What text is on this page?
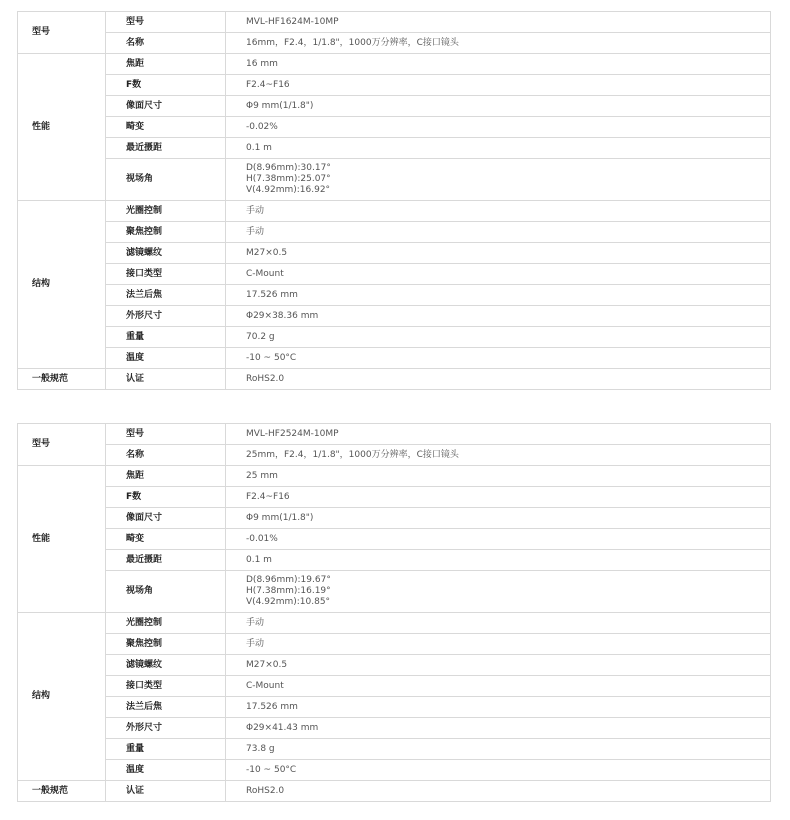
型号	型号	MVL-HF1624M-10MP
	名称	16mm，F2.4，1/1.8"，1000万分辨率，C接口镜头
性能	焦距	16 mm
	F数	F2.4~F16
	像面尺寸	Φ9 mm(1/1.8")
	畸变	-0.02%
	最近摄距	0.1 m
	视场角	D(8.96mm):30.17°
H(7.38mm):25.07°
V(4.92mm):16.92°

结构	光圈控制	手动
	聚焦控制	手动
	滤镜螺纹	M27×0.5
	接口类型	C-Mount
	法兰后焦	17.526 mm
	外形尺寸	Φ29×38.36 mm
	重量	70.2 g
	温度	-10 ~ 50°C
一般规范	认证	RoHS2.0
型号	型号	MVL-HF2524M-10MP
	名称	25mm，F2.4，1/1.8"，1000万分辨率，C接口镜头
性能	焦距	25 mm
	F数	F2.4~F16
	像面尺寸	Φ9 mm(1/1.8")
	畸变	-0.01%
	最近摄距	0.1 m
	视场角	D(8.96mm):19.67°
H(7.38mm):16.19°
V(4.92mm):10.85°

结构	光圈控制	手动
	聚焦控制	手动
	滤镜螺纹	M27×0.5
	接口类型	C-Mount
	法兰后焦	17.526 mm
	外形尺寸	Φ29×41.43 mm
	重量	73.8 g
	温度	-10 ~ 50°C
一般规范	认证	RoHS2.0
